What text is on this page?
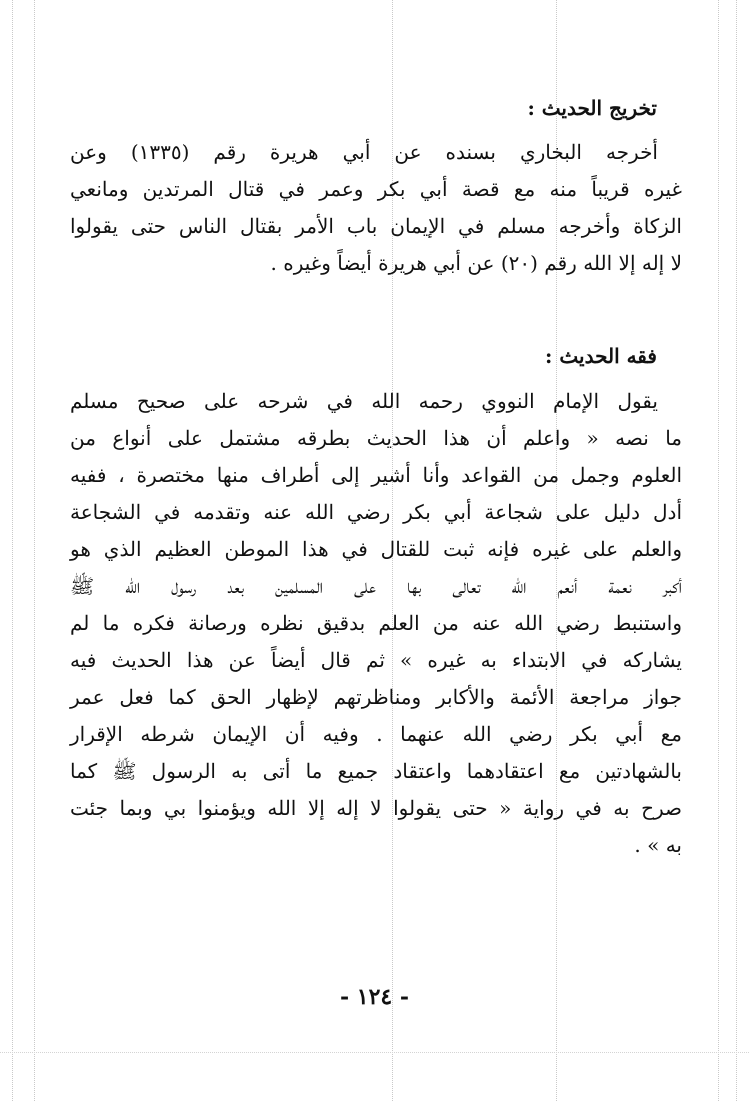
تخريج الحديث :
أخرجه البخاري بسنده عن أبي هريرة رقم (١٣٣٥) وعن
غيره قريباً منه مع قصة أبي بكر وعمر في قتال المرتدين ومانعي
الزكاة وأخرجه مسلم في الإيمان باب الأمر بقتال الناس حتى يقولوا
لا إله إلا الله رقم (٢٠) عن أبي هريرة أيضاً وغيره .
فقه الحديث :
يقول الإمام النووي رحمه الله في شرحه على صحيح مسلم
ما نصه « واعلم أن هذا الحديث بطرقه مشتمل على أنواع من
العلوم وجمل من القواعد وأنا أشير إلى أطراف منها مختصرة ، ففيه
أدل دليل على شجاعة أبي بكر رضي الله عنه وتقدمه في الشجاعة
والعلم على غيره فإنه ثبت للقتال في هذا الموطن العظيم الذي هو
أكبر نعمة أنعم الله تعالى بها على المسلمين بعد رسول الله ﷺ
واستنبط رضي الله عنه من العلم بدقيق نظره ورصانة فكره ما لم
يشاركه في الابتداء به غيره » ثم قال أيضاً عن هذا الحديث فيه
جواز مراجعة الأئمة والأكابر ومناظرتهم لإظهار الحق كما فعل عمر
مع أبي بكر رضي الله عنهما . وفيه أن الإيمان شرطه الإقرار
بالشهادتين مع اعتقادهما واعتقاد جميع ما أتى به الرسول ﷺ كما
صرح به في رواية « حتى يقولوا لا إله إلا الله ويؤمنوا بي وبما جئت
به » .
- ١٢٤ -
